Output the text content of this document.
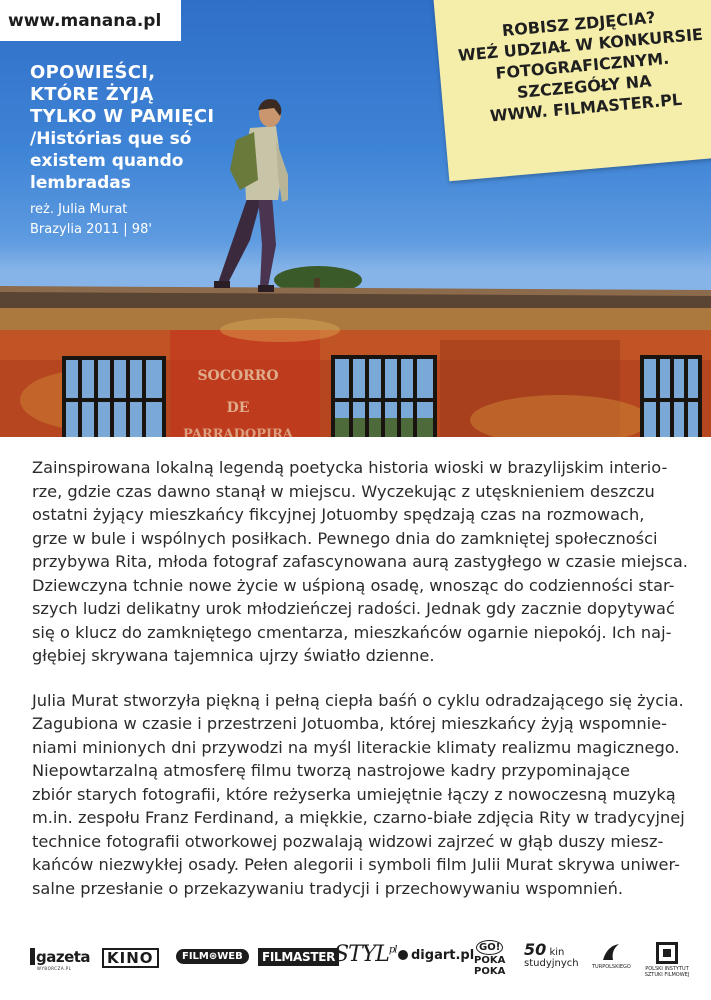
SOCORRO
DE
PARRADOPIRA
www.manana.pl

OPOWIEŚCI,
KTÓRE ŻYJĄ
TYLKO W PAMIĘCI

/Histórias que só
existem quando
lembradas

reż. Julia Murat
Brazylia 2011 | 98'
ROBISZ ZDJĘCIA?
WEŹ UDZIAŁ W KONKURSIE
FOTOGRAFICZNYM.
SZCZEGÓŁY NA
WWW. FILMASTER.PL

Zainspirowana lokalną legendą poetycka historia wioski w brazylijskim interio-
rze, gdzie czas dawno stanął w miejscu. Wyczekując z utęsknieniem deszczu
ostatni żyjący mieszkańcy fikcyjnej Jotuomby spędzają czas na rozmowach,
grze w bule i wspólnych posiłkach. Pewnego dnia do zamkniętej społeczności
przybywa Rita, młoda fotograf zafascynowana aurą zastygłego w czasie miejsca.
Dziewczyna tchnie nowe życie w uśpioną osadę, wnosząc do codzienności star-
szych ludzi delikatny urok młodzieńczej radości. Jednak gdy zacznie dopytywać
się o klucz do zamkniętego cmentarza, mieszkańców ogarnie niepokój. Ich naj-
głębiej skrywana tajemnica ujrzy światło dzienne.

Julia Murat stworzyła piękną i pełną ciepła baśń o cyklu odradzającego się życia.
Zagubiona w czasie i przestrzeni Jotuomba, której mieszkańcy żyją wspomnie-
niami minionych dni przywodzi na myśl literackie klimaty realizmu magicznego.
Niepowtarzalną atmosferę filmu tworzą nastrojowe kadry przypominające
zbiór starych fotografii, które reżyserka umiejętnie łączy z nowoczesną muzyką
m.in. zespołu Franz Ferdinand, a miękkie, czarno-białe zdjęcia Rity w tradycyjnej
technice fotografii otworkowej pozwalają widzowi zajrzeć w głąb duszy miesz-
kańców niezwykłej osady. Pełen alegorii i symboli film Julii Murat skrywa uniwer-
salne przesłanie o przekazywaniu tradycji i przechowywaniu wspomnień.

gazeta
WYBORCZA.PL
KINO	FILM⊛WEB	FILMASTER
$STYL^{pl}$	digart.pl
GO!
POKA
POKA
50 kin
studyjnych	TURPOLSKIEGO	POLSKI INSTYTUT SZTUKI FILMOWEJ
